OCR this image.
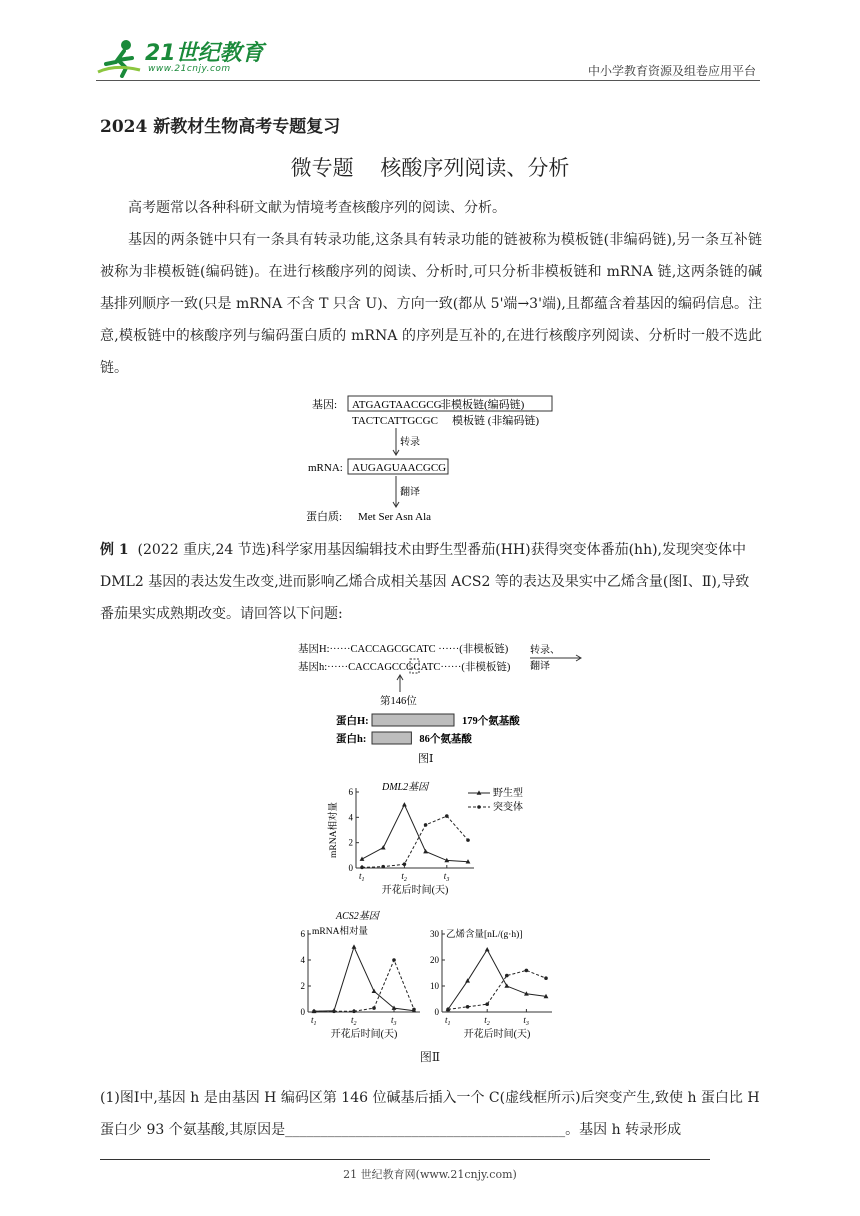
21世纪教育
www.21cnjy.com	中小学教育资源及组卷应用平台
2024 新教材生物高考专题复习
微专题    核酸序列阅读、分析
高考题常以各种科研文献为情境考查核酸序列的阅读、分析。
基因的两条链中只有一条具有转录功能,这条具有转录功能的链被称为模板链(非编码链),另一条互补链被称为非模板链(编码链)。在进行核酸序列的阅读、分析时,可只分析非模板链和 mRNA 链,这两条链的碱基排列顺序一致(只是 mRNA 不含 T 只含 U)、方向一致(都从 5'端→3'端),且都蕴含着基因的编码信息。注意,模板链中的核酸序列与编码蛋白质的 mRNA 的序列是互补的,在进行核酸序列阅读、分析时一般不选此链。
基因: ATGAGTAACGCG
非模板链(编码链)
TACTCATTGCGC 模板链 (非编码链)
转录
mRNA: AUGAGUAACGCG
翻译
蛋白质: Met Ser Asn Ala
例 1 (2022 重庆,24 节选)科学家用基因编辑技术由野生型番茄(HH)获得突变体番茄(hh),发现突变体中 DML2 基因的表达发生改变,进而影响乙烯合成相关基因 ACS2 等的表达及果实中乙烯含量(图Ⅰ、Ⅱ),导致番茄果实成熟期改变。请回答以下问题:
基因H:······CACCAGCGCATC ······(非模板链)
基因h:······CACCAGCCGCATC······(非模板链)
转录、
翻译
第146位
蛋白H:	179个氨基酸
蛋白h:	86个氨基酸
图Ⅰ
DML2基因
mRNA相对量
0
2
4
6
$t_1$	$t_2$	$t_3$
开花后时间(天)
野生型
突变体
ACS2基因
mRNA相对量
0
2
4
6
$t_1$	$t_2$	$t_3$
开花后时间(天)
乙烯含量[nL/(g·h)]
0
10
20
30
$t_1$	$t_2$	$t_3$
开花后时间(天)
图Ⅱ
(1)图Ⅰ中,基因 h 是由基因 H 编码区第 146 位碱基后插入一个 C(虚线框所示)后突变产生,致使 h 蛋白比 H 蛋白少 93 个氨基酸,其原因是________________________________________。基因 h 转录形成
21 世纪教育网(www.21cnjy.com)
